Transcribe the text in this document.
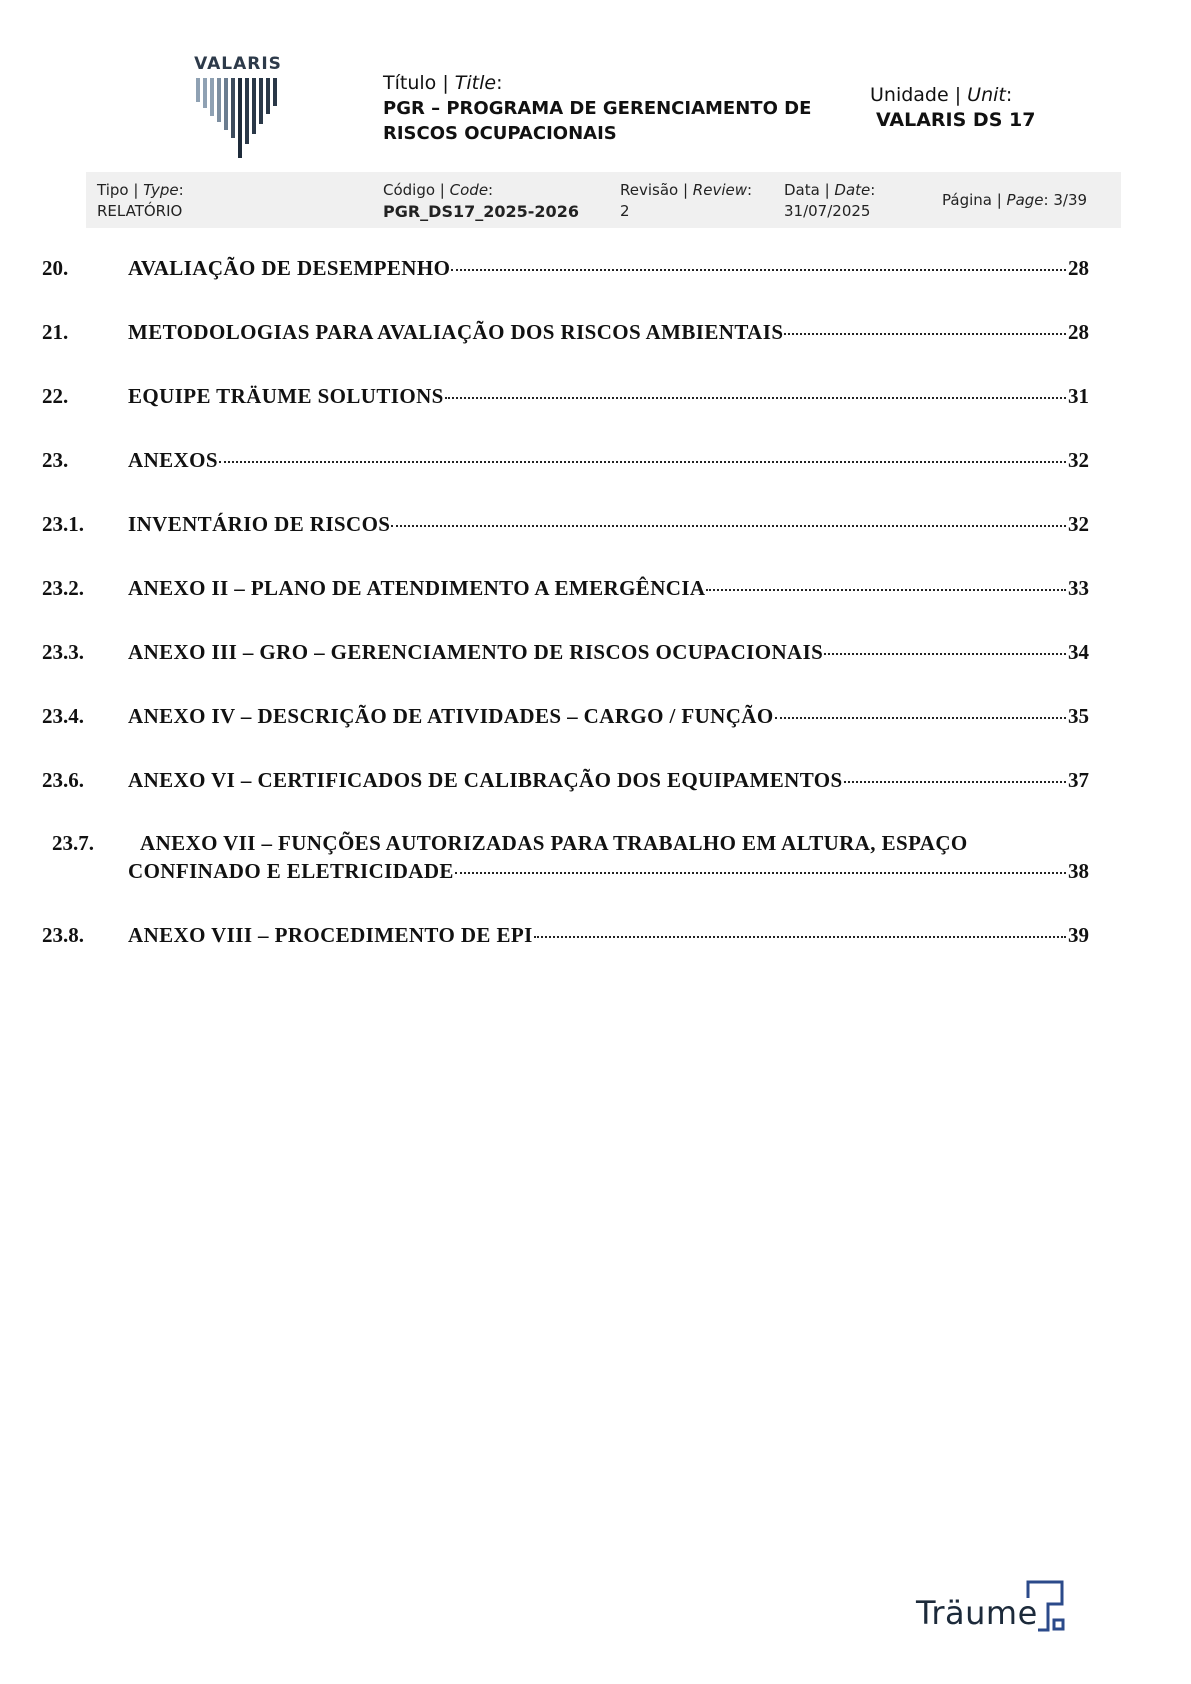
VALARIS
Título | Title:
PGR – PROGRAMA DE GERENCIAMENTO DE
RISCOS OCUPACIONAIS
Unidade | Unit:
VALARIS DS 17
Tipo | Type:
RELATÓRIO
Código | Code:
PGR_DS17_2025-2026
Revisão | Review:
2
Data | Date:
31/07/2025
Página | Page: 3/39
20.	AVALIAÇÃO DE DESEMPENHO	28
21.	METODOLOGIAS PARA AVALIAÇÃO DOS RISCOS AMBIENTAIS	28
22.	EQUIPE TRÄUME SOLUTIONS	31
23.	ANEXOS	32
23.1. INVENTÁRIO DE RISCOS	32
23.2. ANEXO II – PLANO DE ATENDIMENTO A EMERGÊNCIA	33
23.3. ANEXO III – GRO – GERENCIAMENTO DE RISCOS OCUPACIONAIS	34
23.4. ANEXO IV – DESCRIÇÃO DE ATIVIDADES – CARGO / FUNÇÃO	35
23.6. ANEXO VI – CERTIFICADOS DE CALIBRAÇÃO DOS EQUIPAMENTOS	37
23.7. ANEXO VII – FUNÇÕES AUTORIZADAS PARA TRABALHO EM ALTURA, ESPAÇO
CONFINADO E ELETRICIDADE	38
23.8. ANEXO VIII – PROCEDIMENTO DE EPI	39
Träume
